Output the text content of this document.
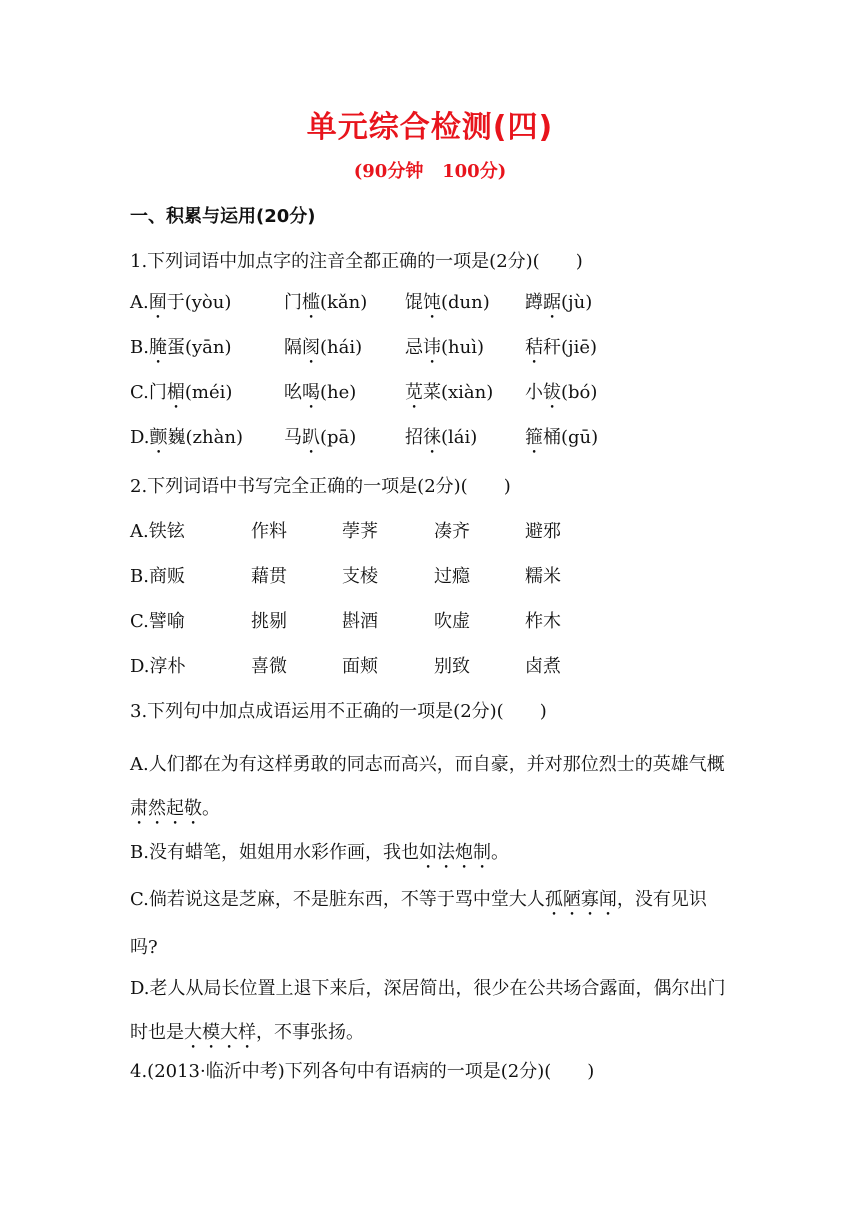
单元综合检测(四)
(90分钟   100分)
一、积累与运用(20分)
1.下列词语中加点字的注音全都正确的一项是(2分)(　　)
A.囿于(yòu)	门槛(kǎn) 馄饨(dun) 蹲踞(jù)
B.腌蛋(yān)	隔阂(hái) 忌讳(huì) 秸秆(jiē)
C.门楣(méi)	吆喝(he)	苋菜(xiàn) 小钹(bó)
D.颤巍(zhàn) 马趴(pā)	招徕(lái)	箍桶(gū)
2.下列词语中书写完全正确的一项是(2分)(　　)
A.铁铉	作料	荸荠	凑齐	避邪
B.商贩	藉贯	支棱	过瘾	糯米
C.譬喻	挑剔	斟酒	吹虚	柞木
D.淳朴	喜微	面颊	别致	卤煮
3.下列句中加点成语运用不正确的一项是(2分)(　　)
A.人们都在为有这样勇敢的同志而高兴，而自豪，并对那位烈士的英雄气概肃然起敬。
B.没有蜡笔，姐姐用水彩作画，我也如法炮制。
C.倘若说这是芝麻，不是脏东西，不等于骂中堂大人孤陋寡闻，没有见识吗?
D.老人从局长位置上退下来后，深居简出，很少在公共场合露面，偶尔出门时也是大模大样，不事张扬。
4.(2013·临沂中考)下列各句中有语病的一项是(2分)(　　)
